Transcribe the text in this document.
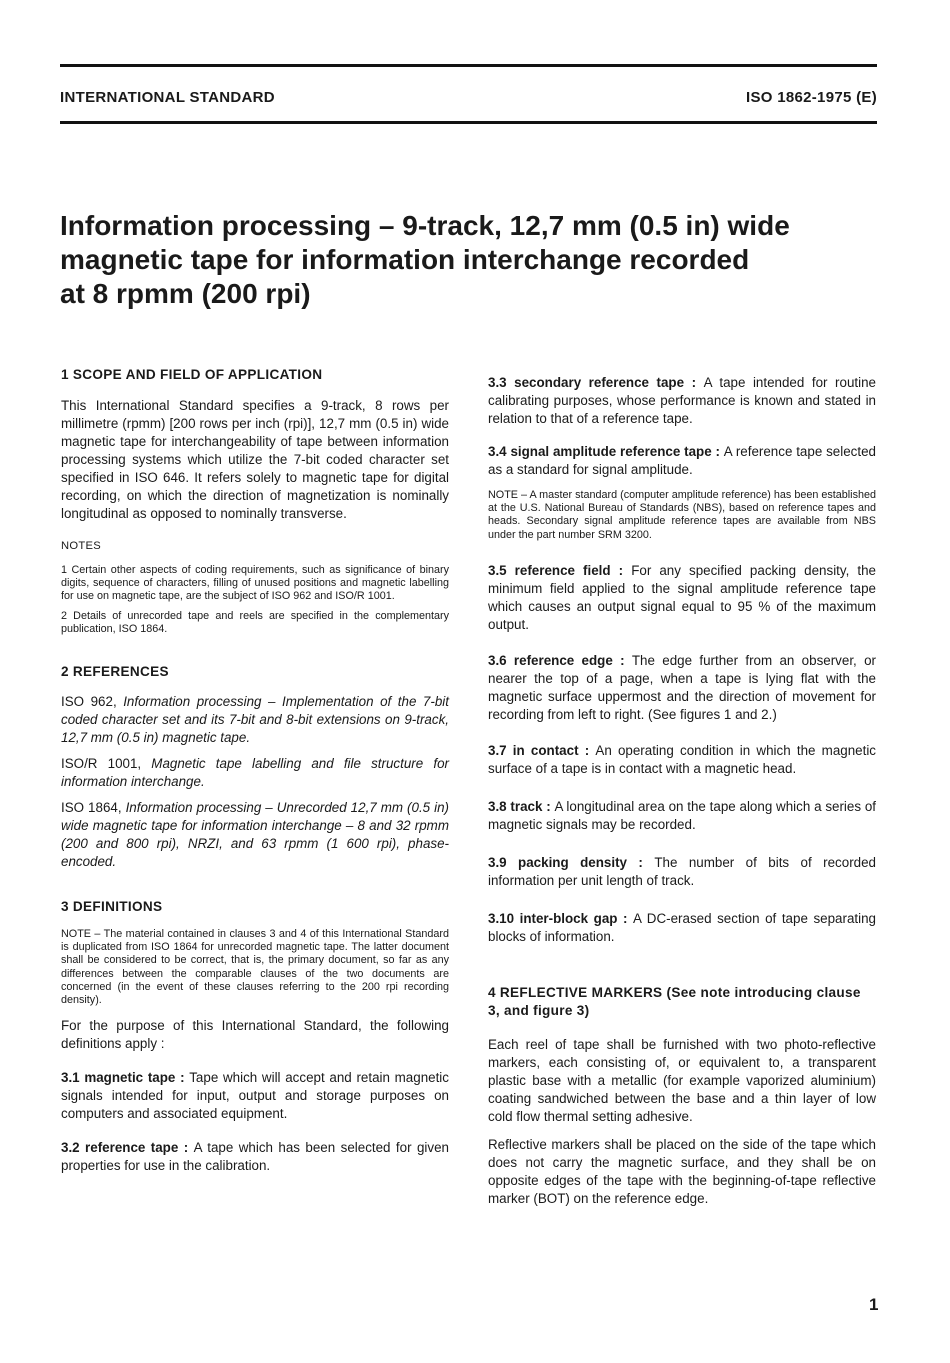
INTERNATIONAL STANDARD	ISO 1862-1975 (E)
Information processing – 9-track, 12,7 mm (0.5 in) wide
magnetic tape for information interchange recorded
at 8 rpmm (200 rpi)

1 SCOPE AND FIELD OF APPLICATION

This International Standard specifies a 9-track, 8 rows per millimetre (rpmm) [200 rows per inch (rpi)], 12,7 mm (0.5 in) wide magnetic tape for interchangeability of tape between information processing systems which utilize the 7-bit coded character set specified in ISO 646. It refers solely to magnetic tape for digital recording, on which the direction of magnetization is nominally longitudinal as opposed to nominally transverse.

NOTES

1 Certain other aspects of coding requirements, such as significance of binary digits, sequence of characters, filling of unused positions and magnetic labelling for use on magnetic tape, are the subject of ISO 962 and ISO/R 1001.

2 Details of unrecorded tape and reels are specified in the complementary publication, ISO 1864.

2 REFERENCES

ISO 962, Information processing – Implementation of the 7-bit coded character set and its 7-bit and 8-bit extensions on 9-track, 12,7 mm (0.5 in) magnetic tape.

ISO/R 1001, Magnetic tape labelling and file structure for information interchange.

ISO 1864, Information processing – Unrecorded 12,7 mm (0.5 in) wide magnetic tape for information interchange – 8 and 32 rpmm (200 and 800 rpi), NRZI, and 63 rpmm (1 600 rpi), phase-encoded.

3 DEFINITIONS

NOTE – The material contained in clauses 3 and 4 of this International Standard is duplicated from ISO 1864 for unrecorded magnetic tape. The latter document shall be considered to be correct, that is, the primary document, so far as any differences between the comparable clauses of the two documents are concerned (in the event of these clauses referring to the 200 rpi recording density).

For the purpose of this International Standard, the following definitions apply :

3.1 magnetic tape : Tape which will accept and retain magnetic signals intended for input, output and storage purposes on computers and associated equipment.

3.2 reference tape : A tape which has been selected for given properties for use in the calibration.

3.3 secondary reference tape : A tape intended for routine calibrating purposes, whose performance is known and stated in relation to that of a reference tape.

3.4 signal amplitude reference tape : A reference tape selected as a standard for signal amplitude.

NOTE – A master standard (computer amplitude reference) has been established at the U.S. National Bureau of Standards (NBS), based on reference tapes and heads. Secondary signal amplitude reference tapes are available from NBS under the part number SRM 3200.

3.5 reference field : For any specified packing density, the minimum field applied to the signal amplitude reference tape which causes an output signal equal to 95 % of the maximum output.

3.6 reference edge : The edge further from an observer, or nearer the top of a page, when a tape is lying flat with the magnetic surface uppermost and the direction of movement for recording from left to right. (See figures 1 and 2.)

3.7 in contact : An operating condition in which the magnetic surface of a tape is in contact with a magnetic head.

3.8 track : A longitudinal area on the tape along which a series of magnetic signals may be recorded.

3.9 packing density : The number of bits of recorded information per unit length of track.

3.10 inter-block gap : A DC-erased section of tape separating blocks of information.

4 REFLECTIVE MARKERS (See note introducing clause 3, and figure 3)

Each reel of tape shall be furnished with two photo-reflective markers, each consisting of, or equivalent to, a transparent plastic base with a metallic (for example vaporized aluminium) coating sandwiched between the base and a thin layer of low cold flow thermal setting adhesive.

Reflective markers shall be placed on the side of the tape which does not carry the magnetic surface, and they shall be on opposite edges of the tape with the beginning-of-tape reflective marker (BOT) on the reference edge.

1
